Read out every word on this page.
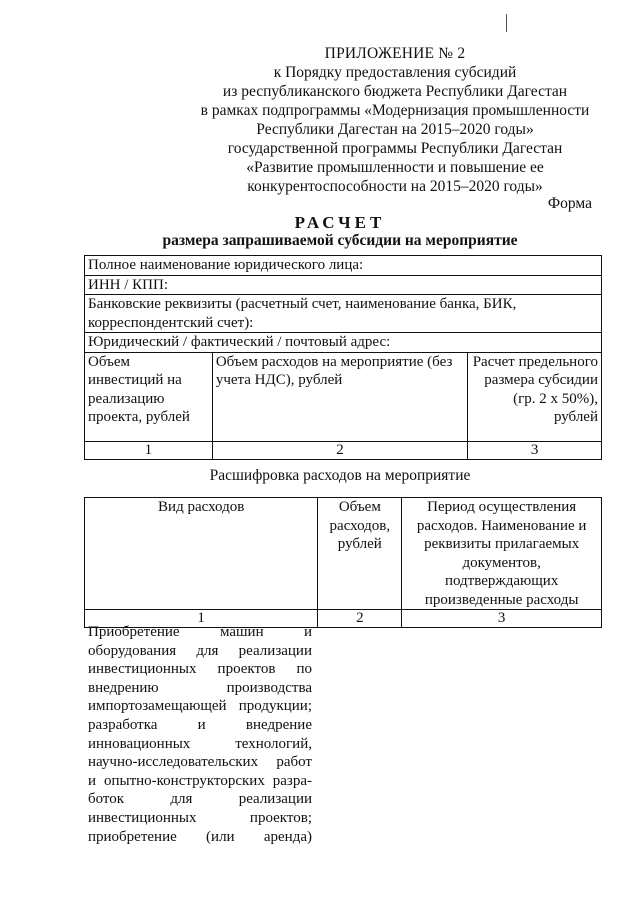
ПРИЛОЖЕНИЕ № 2
к Порядку предоставления субсидий
из республиканского бюджета Республики Дагестан
в рамках подпрограммы «Модернизация промышленности
Республики Дагестан на 2015–2020 годы»
государственной программы Республики Дагестан
«Развитие промышленности и повышение ее
конкурентоспособности на 2015–2020 годы»
Форма
РАСЧЕТ
размера запрашиваемой субсидии на мероприятие
Полное наименование юридического лица:		
ИНН / КПП:		
Банковские реквизиты (расчетный счет, наименование банка, БИК, корреспондентский счет):		
Юридический / фактический / почтовый адрес:		
Объем инвестиций на реализацию проекта, рублей	Объем расходов на мероприятие (без учета НДС), рублей	Расчет предельного размера субсидии (гр. 2 х 50%), рублей
1	2	3
Расшифровка расходов на мероприятие
Вид расходов	Объем расходов, рублей	Период осуществления расходов. Наименование и реквизиты прилагаемых документов, подтверждающих произведенные расходы
1	2	3
Приобретение машин и
оборудования для реализации
инвестиционных проектов по
внедрению производства
импортозамещающей продукции;
разработка и внедрение
инновационных технологий,
научно-исследовательских работ
и опытно-конструкторских разра-
боток для реализации
инвестиционных проектов;
приобретение (или аренда)
